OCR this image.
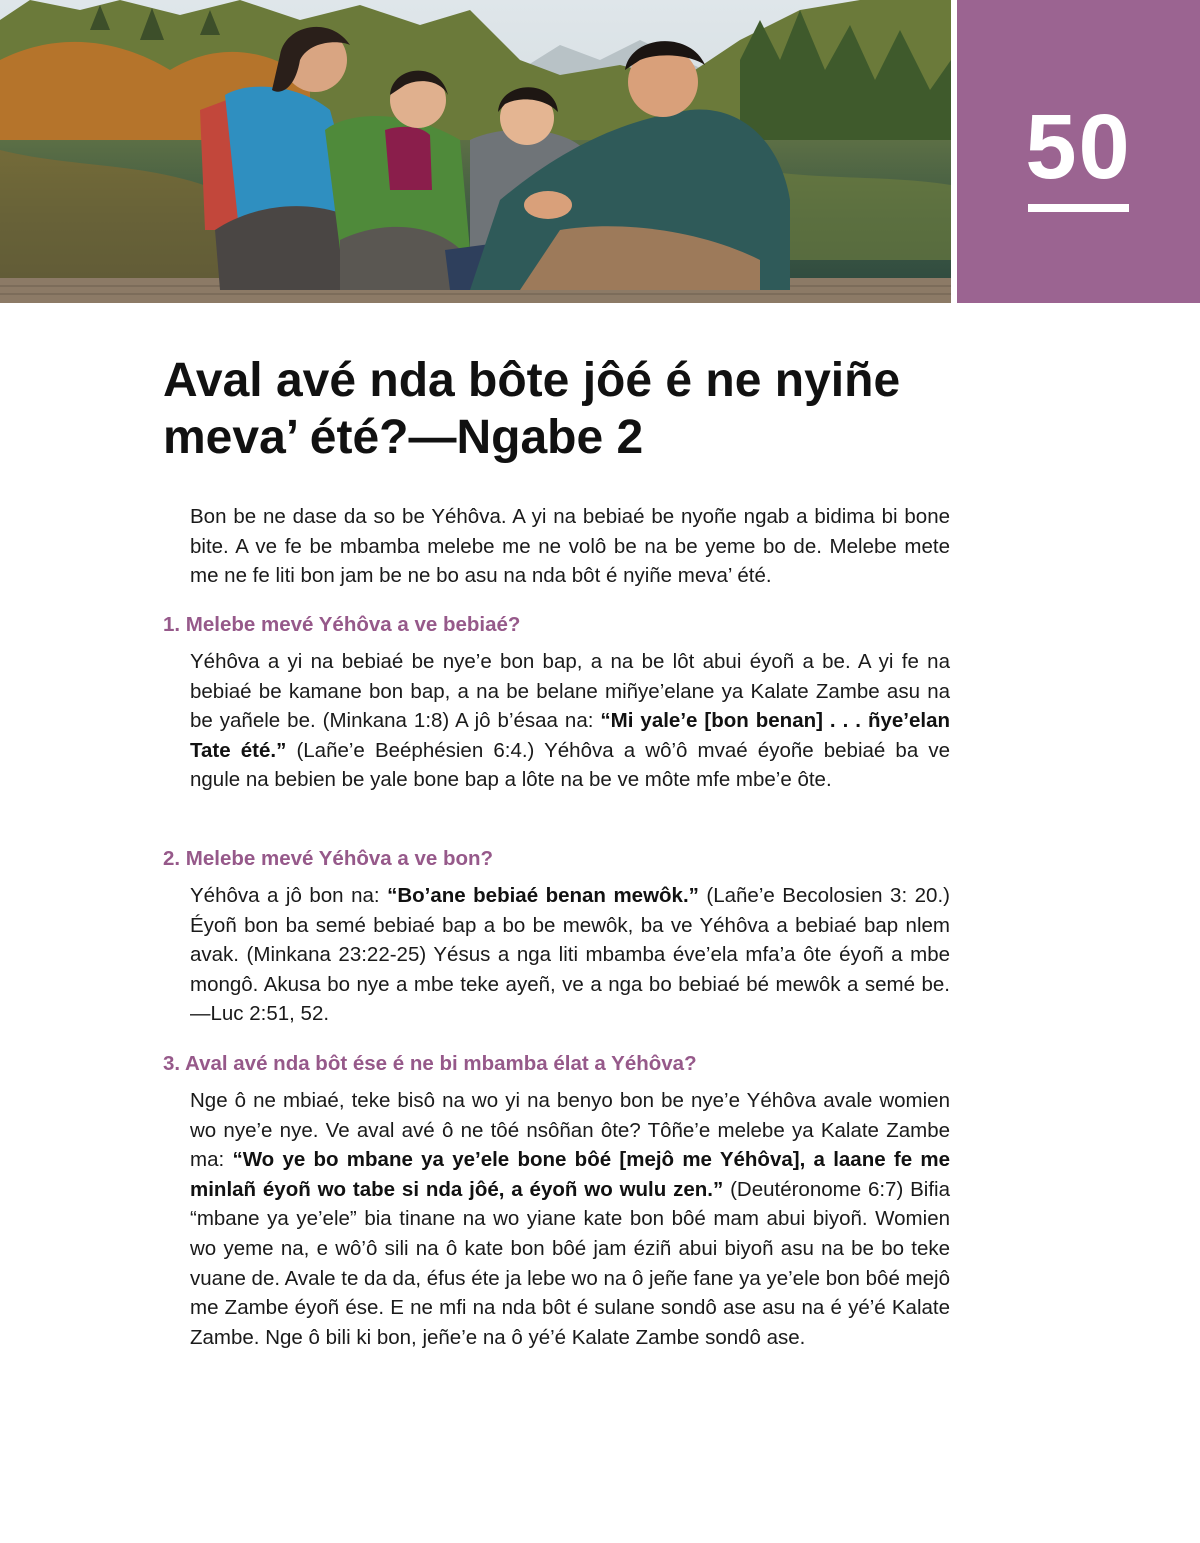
50
Aval avé nda bôte jôé é ne nyiñe meva’ été?—Ngabe 2

Bon be ne dase da so be Yéhôva. A yi na bebiaé be nyoñe ngab a bidima bi bone bite. A ve fe be mbamba melebe me ne volô be na be yeme bo de. Melebe mete me ne fe liti bon jam be ne bo asu na nda bôt é nyiñe meva’ été.

1. Melebe mevé Yéhôva a ve bebiaé?

Yéhôva a yi na bebiaé be nye’e bon bap, a na be lôt abui éyoñ a be. A yi fe na bebiaé be kamane bon bap, a na be belane miñye’elane ya Kalate Zambe asu na be yañele be. (Minkana 1:8) A jô b’ésaa na: “Mi yale’e [bon benan] . . . ñye’elan Tate été.” (Lañe’e Beéphésien 6:4.) Yéhôva a wô’ô mvaé éyoñe bebiaé ba ve ngule na bebien be yale bone bap a lôte na be ve môte mfe mbe’e ôte.

2. Melebe mevé Yéhôva a ve bon?

Yéhôva a jô bon na: “Bo’ane bebiaé benan mewôk.” (Lañe’e Becolosien 3: 20.) Éyoñ bon ba semé bebiaé bap a bo be mewôk, ba ve Yéhôva a bebiaé bap nlem avak. (Minkana 23:22-25) Yésus a nga liti mbamba éve’ela mfa’a ôte éyoñ a mbe mongô. Akusa bo nye a mbe teke ayeñ, ve a nga bo bebiaé bé mewôk a semé be.—Luc 2:51, 52.

3. Aval avé nda bôt ése é ne bi mbamba élat a Yéhôva?

Nge ô ne mbiaé, teke bisô na wo yi na benyo bon be nye’e Yéhôva avale womien wo nye’e nye. Ve aval avé ô ne tôé nsôñan ôte? Tôñe’e melebe ya Kalate Zambe ma: “Wo ye bo mbane ya ye’ele bone bôé [mejô me Yéhôva], a laane fe me minlañ éyoñ wo tabe si nda jôé, a éyoñ wo wulu zen.” (Deutéronome 6:7) Bifia “mbane ya ye’ele” bia tinane na wo yiane kate bon bôé mam abui biyoñ. Womien wo yeme na, e wô’ô sili na ô kate bon bôé jam éziñ abui biyoñ asu na be bo teke vuane de. Avale te da da, éfus éte ja lebe wo na ô jeñe fane ya ye’ele bon bôé mejô me Zambe éyoñ ése. E ne mfi na nda bôt é sulane sondô ase asu na é yé’é Kalate Zambe. Nge ô bili ki bon, jeñe’e na ô yé’é Kalate Zambe sondô ase.
